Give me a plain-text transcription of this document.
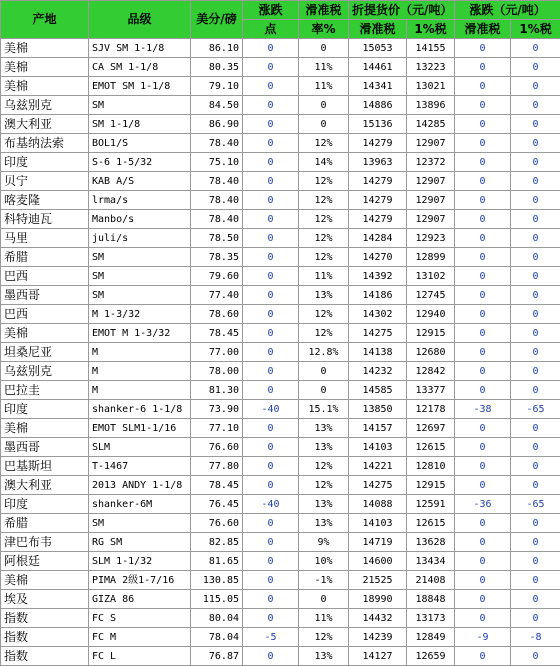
产地	品级	美分/磅	涨跌	滑准税	折提货价（元/吨）		涨跌（元/吨）	
			点	率%	滑准税	1%税	滑准税	1%税
美棉	SJV SM 1-1/8	86.10	0	0	15053	14155	0	0
美棉	CA SM 1-1/8	80.35	0	11%	14461	13223	0	0
美棉	EMOT SM 1-1/8	79.10	0	11%	14341	13021	0	0
乌兹别克	SM	84.50	0	0	14886	13896	0	0
澳大利亚	SM 1-1/8	86.90	0	0	15136	14285	0	0
布基纳法索	BOL1/S	78.40	0	12%	14279	12907	0	0
印度	S-6 1-5/32	75.10	0	14%	13963	12372	0	0
贝宁	KAB A/S	78.40	0	12%	14279	12907	0	0
喀麦隆	lrma/s	78.40	0	12%	14279	12907	0	0
科特迪瓦	Manbo/s	78.40	0	12%	14279	12907	0	0
马里	juli/s	78.50	0	12%	14284	12923	0	0
希腊	SM	78.35	0	12%	14270	12899	0	0
巴西	SM	79.60	0	11%	14392	13102	0	0
墨西哥	SM	77.40	0	13%	14186	12745	0	0
巴西	M 1-3/32	78.60	0	12%	14302	12940	0	0
美棉	EMOT M 1-3/32	78.45	0	12%	14275	12915	0	0
坦桑尼亚	M	77.00	0	12.8%	14138	12680	0	0
乌兹别克	M	78.00	0	0	14232	12842	0	0
巴拉圭	M	81.30	0	0	14585	13377	0	0
印度	shanker-6 1-1/8	73.90	-40	15.1%	13850	12178	-38	-65
美棉	EMOT SLM1-1/16	77.10	0	13%	14157	12697	0	0
墨西哥	SLM	76.60	0	13%	14103	12615	0	0
巴基斯坦	T-1467	77.80	0	12%	14221	12810	0	0
澳大利亚	2013 ANDY 1-1/8	78.45	0	12%	14275	12915	0	0
印度	shanker-6M	76.45	-40	13%	14088	12591	-36	-65
希腊	SM	76.60	0	13%	14103	12615	0	0
津巴布韦	RG SM	82.85	0	9%	14719	13628	0	0
阿根廷	SLM 1-1/32	81.65	0	10%	14600	13434	0	0
美棉	PIMA 2级1-7/16	130.85	0	-1%	21525	21408	0	0
埃及	GIZA 86	115.05	0	0	18990	18848	0	0
指数	FC S	80.04	0	11%	14432	13173	0	0
指数	FC M	78.04	-5	12%	14239	12849	-9	-8
指数	FC L	76.87	0	13%	14127	12659	0	0
